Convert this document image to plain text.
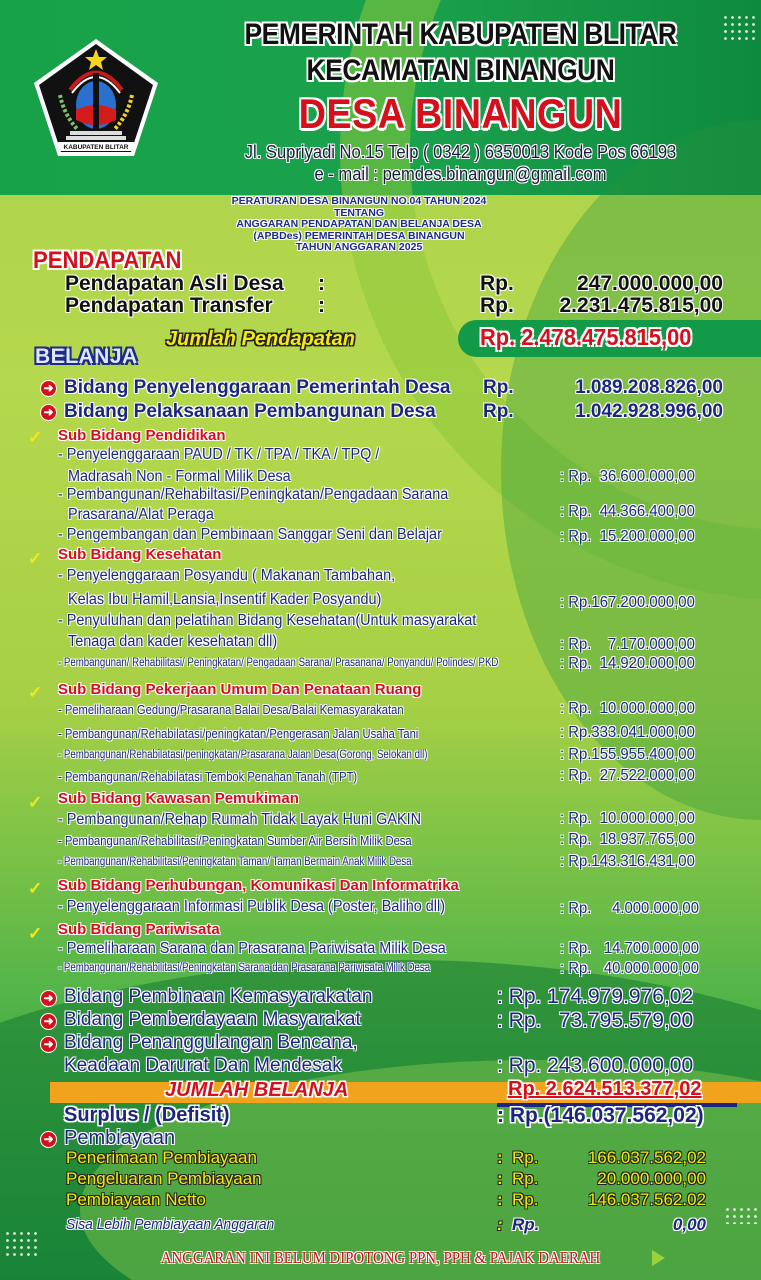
KABUPATEN BLITAR
PEMERINTAH KABUPATEN BLITAR
KECAMATAN BINANGUN
DESA BINANGUN
Jl. Supriyadi No.15 Telp ( 0342 ) 6350013 Kode Pos 66193
e - mail : pemdes.binangun@gmail.com
PERATURAN DESA BINANGUN NO.04 TAHUN 2024
TENTANG
ANGGARAN PENDAPATAN DAN BELANJA DESA
(APBDes) PEMERINTAH DESA BINANGUN
TAHUN ANGGARAN 2025
PENDAPATAN
Pendapatan Asli Desa :	Rp.	247.000.000,00
Pendapatan Transfer :	Rp. 2.231.475.815,00
Jumlah Pendapatan	Rp. 2.478.475.815,00
BELANJA
➜ Bidang Penyelenggaraan Pemerintah Desa Rp.	1.089.208.826,00
➜ Bidang Pelaksanaan Pembangunan Desa Rp.	1.042.928.996,00
✓ Sub Bidang Pendidikan
- Penyelenggaraan PAUD / TK / TPA / TKA / TPQ /
Madrasah Non - Formal Milik Desa	: Rp.  36.600.000,00
- Pembangunan/Rehabiltasi/Peningkatan/Pengadaan Sarana
Prasarana/Alat Peraga	: Rp.  44.366.400,00
- Pengembangan dan Pembinaan Sanggar Seni dan Belajar	: Rp.  15.200.000,00
✓ Sub Bidang Kesehatan
- Penyelenggaraan Posyandu ( Makanan Tambahan,
Kelas Ibu Hamil,Lansia,Insentif Kader Posyandu)	: Rp.167.200.000,00
- Penyuluhan dan pelatihan Bidang Kesehatan(Untuk masyarakat
Tenaga dan kader kesehatan dll)	: Rp.    7.170.000,00
- Pembangunan/ Rehabilitasi/ Peningkatan/ Pengadaan Sarana/ Prasanana/ Ponyandu/ Polindes/ PKD	: Rp.  14.920.000,00
✓ Sub Bidang Pekerjaan Umum Dan Penataan Ruang
- Pemeliharaan Gedung/Prasarana Balai Desa/Balai Kemasyarakatan	: Rp.  10.000.000,00
- Pembangunan/Rehabilatasi/peningkatan/Pengerasan Jalan Usaha Tani	: Rp.333.041.000,00
- Pembangunan/Rehabilatasi/peningkatan/Prasarana Jalan Desa(Gorong, Selokan dll)	: Rp.155.955.400,00
- Pembangunan/Rehabilatasi Tembok Penahan Tanah (TPT)	: Rp.  27.522.000,00
✓ Sub Bidang Kawasan Pemukiman
- Pembangunan/Rehap Rumah Tidak Layak Huni GAKIN	: Rp.  10.000.000,00
- Pembangunan/Rehabilitasi/Peningkatan Sumber Air Bersih Milik Desa	: Rp.  18.937.765,00
- Pembangunan/Rehabilitasi/Peningkatan Taman/ Taman Bermain Anak Milik Desa	: Rp.143.316.431,00
✓ Sub Bidang Perhubungan, Komunikasi Dan Informatrika
- Penyelenggaraan Informasi Publik Desa (Poster, Baliho dll)	: Rp.     4.000.000,00
✓ Sub Bidang Pariwisata
- Pemeliharaan Sarana dan Prasarana Pariwisata Milik Desa	: Rp.   14.700.000,00
- Pembangunan/Rehabilitasi/Peningkatan Sarana dan Prasarana Pariwisata Milik Desa	: Rp.   40.000.000,00
➜ Bidang Pembinaan Kemasyarakatan	: Rp. 174.979.976,02
➜ Bidang Pemberdayaan Masyarakat	: Rp.   73.795.579,00
➜ Bidang Penanggulangan Bencana,
Keadaan Darurat Dan Mendesak	: Rp. 243.600.000,00
JUMLAH BELANJA	Rp. 2.624.513.377,02
Surplus / (Defisit)	: Rp.(146.037.562,02)
➜ Pembiayaan
Penerimaan Pembiayaan	: Rp.	166.037.562,02
Pengeluaran Pembiayaan	: Rp.	20.000.000,00
Pembiayaan Netto	: Rp.	146.037.562.02
Sisa Lebih Pembiayaan Anggaran	: Rp.	0,00
ANGGARAN INI BELUM DIPOTONG PPN, PPH & PAJAK DAERAH
